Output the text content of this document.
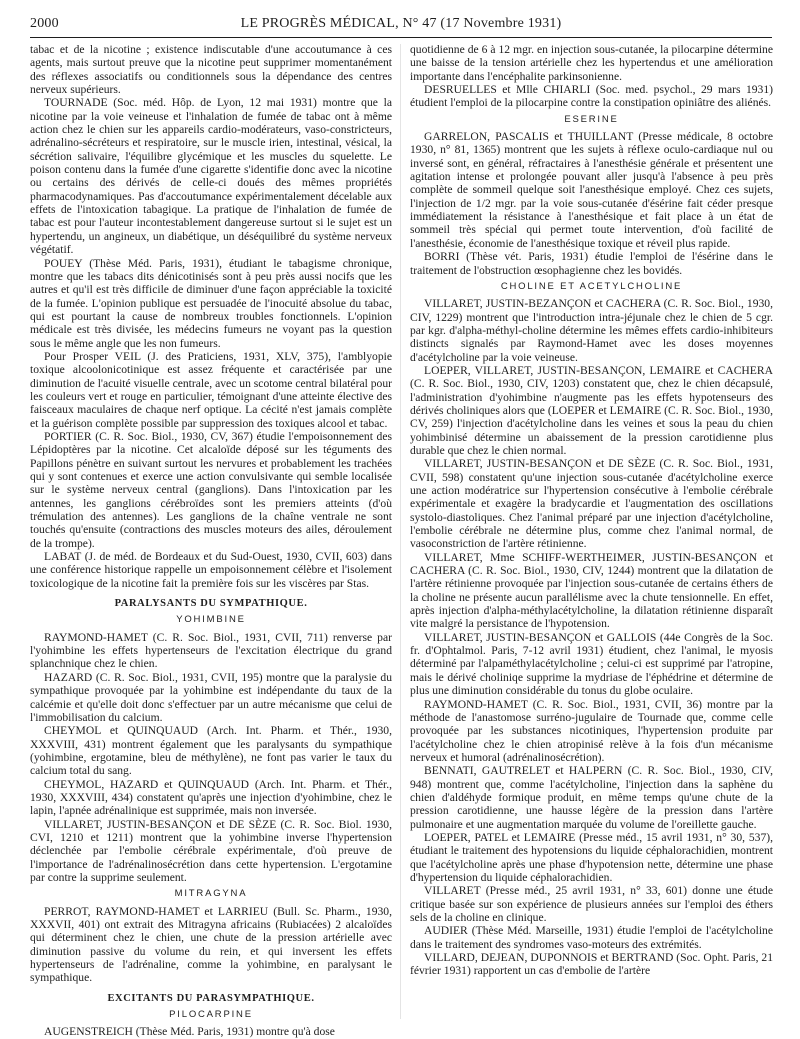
2000	LE PROGRÈS MÉDICAL, N° 47 (17 Novembre 1931)

tabac et de la nicotine ; existence indiscutable d'une accoutumance à ces agents, mais surtout preuve que la nicotine peut supprimer momentanément des réflexes associatifs ou conditionnels sous la dépendance des centres nerveux supérieurs.

TOURNADE (Soc. méd. Hôp. de Lyon, 12 mai 1931) montre que la nicotine par la voie veineuse et l'inhalation de fumée de tabac ont à même action chez le chien sur les appareils cardio-modérateurs, vaso-constricteurs, adrénalino-sécréteurs et respiratoire, sur le muscle irien, intestinal, vésical, la sécrétion salivaire, l'équilibre glycémique et les muscles du squelette. Le poison contenu dans la fumée d'une cigarette s'identifie donc avec la nicotine ou certains des dérivés de celle-ci doués des mêmes propriétés pharmacodynamiques. Pas d'accoutumance expérimentalement décelable aux effets de l'intoxication tabagique. La pratique de l'inhalation de fumée de tabac est pour l'auteur incontestablement dangereuse surtout si le sujet est un hypertendu, un angineux, un diabétique, un déséquilibré du système nerveux végétatif.

POUEY (Thèse Méd. Paris, 1931), étudiant le tabagisme chronique, montre que les tabacs dits dénicotinisés sont à peu près aussi nocifs que les autres et qu'il est très difficile de diminuer d'une façon appréciable la toxicité de la fumée. L'opinion publique est persuadée de l'inocuité absolue du tabac, qui est pourtant la cause de nombreux troubles fonctionnels. L'opinion médicale est très divisée, les médecins fumeurs ne voyant pas la question sous le même angle que les non fumeurs.

Pour Prosper VEIL (J. des Praticiens, 1931, XLV, 375), l'amblyopie toxique alcoolonicotinique est assez fréquente et caractérisée par une diminution de l'acuité visuelle centrale, avec un scotome central bilatéral pour les couleurs vert et rouge en particulier, témoignant d'une atteinte élective des faisceaux maculaires de chaque nerf optique. La cécité n'est jamais complète et la guérison complète possible par suppression des toxiques alcool et tabac.

PORTIER (C. R. Soc. Biol., 1930, CV, 367) étudie l'empoisonnement des Lépidoptères par la nicotine. Cet alcaloïde déposé sur les téguments des Papillons pénètre en suivant surtout les nervures et probablement les trachées qui y sont contenues et exerce une action convulsivante qui semble localisée sur le système nerveux central (ganglions). Dans l'intoxication par les antennes, les ganglions cérébroïdes sont les premiers atteints (d'où trémulation des antennes). Les ganglions de la chaîne ventrale ne sont touchés qu'ensuite (contractions des muscles moteurs des ailes, déroulement de la trompe).

LABAT (J. de méd. de Bordeaux et du Sud-Ouest, 1930, CVII, 603) dans une conférence historique rappelle un empoisonnement célèbre et l'isolement toxicologique de la nicotine fait la première fois sur les viscères par Stas.

PARALYSANTS DU SYMPATHIQUE.
YOHIMBINE

RAYMOND-HAMET (C. R. Soc. Biol., 1931, CVII, 711) renverse par l'yohimbine les effets hypertenseurs de l'excitation électrique du grand splanchnique chez le chien.

HAZARD (C. R. Soc. Biol., 1931, CVII, 195) montre que la paralysie du sympathique provoquée par la yohimbine est indépendante du taux de la calcémie et qu'elle doit donc s'effectuer par un autre mécanisme que celui de l'immobilisation du calcium.

CHEYMOL et QUINQUAUD (Arch. Int. Pharm. et Thér., 1930, XXXVIII, 431) montrent également que les paralysants du sympathique (yohimbine, ergotamine, bleu de méthylène), ne font pas varier le taux du calcium total du sang.

CHEYMOL, HAZARD et QUINQUAUD (Arch. Int. Pharm. et Thér., 1930, XXXVIII, 434) constatent qu'après une injection d'yohimbine, chez le lapin, l'apnée adrénalinique est supprimée, mais non inversée.

VILLARET, JUSTIN-BESANÇON et DE SÈZE (C. R. Soc. Biol. 1930, CVI, 1210 et 1211) montrent que la yohimbine inverse l'hypertension déclenchée par l'embolie cérébrale expérimentale, d'où preuve de l'importance de l'adrénalinosécrétion dans cette hypertension. L'ergotamine par contre la supprime seulement.

MITRAGYNA

PERROT, RAYMOND-HAMET et LARRIEU (Bull. Sc. Pharm., 1930, XXXVII, 401) ont extrait des Mitragyna africains (Rubiacées) 2 alcaloïdes qui déterminent chez le chien, une chute de la pression artérielle avec diminution passive du volume du rein, et qui inversent les effets hypertenseurs de l'adrénaline, comme la yohimbine, en paralysant le sympathique.

EXCITANTS DU PARASYMPATHIQUE.
PILOCARPINE

AUGENSTREICH (Thèse Méd. Paris, 1931) montre qu'à dose

quotidienne de 6 à 12 mgr. en injection sous-cutanée, la pilocarpine détermine une baisse de la tension artérielle chez les hypertendus et une amélioration importante dans l'encéphalite parkinsonienne.

DESRUELLES et Mlle CHIARLI (Soc. med. psychol., 29 mars 1931) étudient l'emploi de la pilocarpine contre la constipation opiniâtre des aliénés.

ESERINE

GARRELON, PASCALIS et THUILLANT (Presse médicale, 8 octobre 1930, n° 81, 1365) montrent que les sujets à réflexe oculo-cardiaque nul ou inversé sont, en général, réfractaires à l'anesthésie générale et présentent une agitation intense et prolongée pouvant aller jusqu'à l'absence à peu près complète de sommeil quelque soit l'anesthésique employé. Chez ces sujets, l'injection de 1/2 mgr. par la voie sous-cutanée d'ésérine fait céder presque immédiatement la résistance à l'anesthésique et fait place à un état de sommeil très spécial qui permet toute intervention, d'où facilité de l'anesthésie, économie de l'anesthésique toxique et réveil plus rapide.

BORRI (Thèse vét. Paris, 1931) étudie l'emploi de l'ésérine dans le traitement de l'obstruction œsophagienne chez les bovidés.

CHOLINE ET ACETYLCHOLINE

VILLARET, JUSTIN-BEZANÇON et CACHERA (C. R. Soc. Biol., 1930, CIV, 1229) montrent que l'introduction intra-jéjunale chez le chien de 5 cgr. par kgr. d'alpha-méthyl-choline détermine les mêmes effets cardio-inhibiteurs distincts signalés par Raymond-Hamet avec les doses moyennes d'acétylcholine par la voie veineuse.

LOEPER, VILLARET, JUSTIN-BESANÇON, LEMAIRE et CACHERA (C. R. Soc. Biol., 1930, CIV, 1203) constatent que, chez le chien décapsulé, l'administration d'yohimbine n'augmente pas les effets hypotenseurs des dérivés choliniques alors que (LOEPER et LEMAIRE (C. R. Soc. Biol., 1930, CV, 259) l'injection d'acétylcholine dans les veines et sous la peau du chien yohimbinisé détermine un abaissement de la pression carotidienne plus durable que chez le chien normal.

VILLARET, JUSTIN-BESANÇON et DE SÈZE (C. R. Soc. Biol., 1931, CVII, 598) constatent qu'une injection sous-cutanée d'acétylcholine exerce une action modératrice sur l'hypertension consécutive à l'embolie cérébrale expérimentale et exagère la bradycardie et l'augmentation des oscillations systolo-diastoliques. Chez l'animal préparé par une injection d'acétylcholine, l'embolie cérébrale ne détermine plus, comme chez l'animal normal, de vasoconstriction de l'artère rétinienne.

VILLARET, Mme SCHIFF-WERTHEIMER, JUSTIN-BESANÇON et CACHERA (C. R. Soc. Biol., 1930, CIV, 1244) montrent que la dilatation de l'artère rétinienne provoquée par l'injection sous-cutanée de certains éthers de la choline ne présente aucun parallélisme avec la chute tensionnelle. En effet, après injection d'alpha-méthylacétylcholine, la dilatation rétinienne disparaît vite malgré la persistance de l'hypotension.

VILLARET, JUSTIN-BESANÇON et GALLOIS (44e Congrès de la Soc. fr. d'Ophtalmol. Paris, 7-12 avril 1931) étudient, chez l'animal, le myosis déterminé par l'alpaméthylacétylcholine ; celui-ci est supprimé par l'atropine, mais le dérivé choliniqe supprime la mydriase de l'éphédrine et détermine de plus une diminution considérable du tonus du globe oculaire.

RAYMOND-HAMET (C. R. Soc. Biol., 1931, CVII, 36) montre par la méthode de l'anastomose surréno-jugulaire de Tournade que, comme celle provoquée par les substances nicotiniques, l'hypertension produite par l'acétylcholine chez le chien atropinisé relève à la fois d'un mécanisme nerveux et humoral (adrénalinosécrétion).

BENNATI, GAUTRELET et HALPERN (C. R. Soc. Biol., 1930, CIV, 948) montrent que, comme l'acétylcholine, l'injection dans la saphène du chien d'aldéhyde formique produit, en même temps qu'une chute de la pression carotidienne, une hausse légère de la pression dans l'artère pulmonaire et une augmentation marquée du volume de l'oreillette gauche.

LOEPER, PATEL et LEMAIRE (Presse méd., 15 avril 1931, n° 30, 537), étudiant le traitement des hypotensions du liquide céphalorachidien, montrent que l'acétylcholine après une phase d'hypotension nette, détermine une phase d'hypertension du liquide céphalorachidien.

VILLARET (Presse méd., 25 avril 1931, n° 33, 601) donne une étude critique basée sur son expérience de plusieurs années sur l'emploi des éthers sels de la choline en clinique.

AUDIER (Thèse Méd. Marseille, 1931) étudie l'emploi de l'acétylcholine dans le traitement des syndromes vaso-moteurs des extrémités.

VILLARD, DEJEAN, DUPONNOIS et BERTRAND (Soc. Opht. Paris, 21 février 1931) rapportent un cas d'embolie de l'artère
